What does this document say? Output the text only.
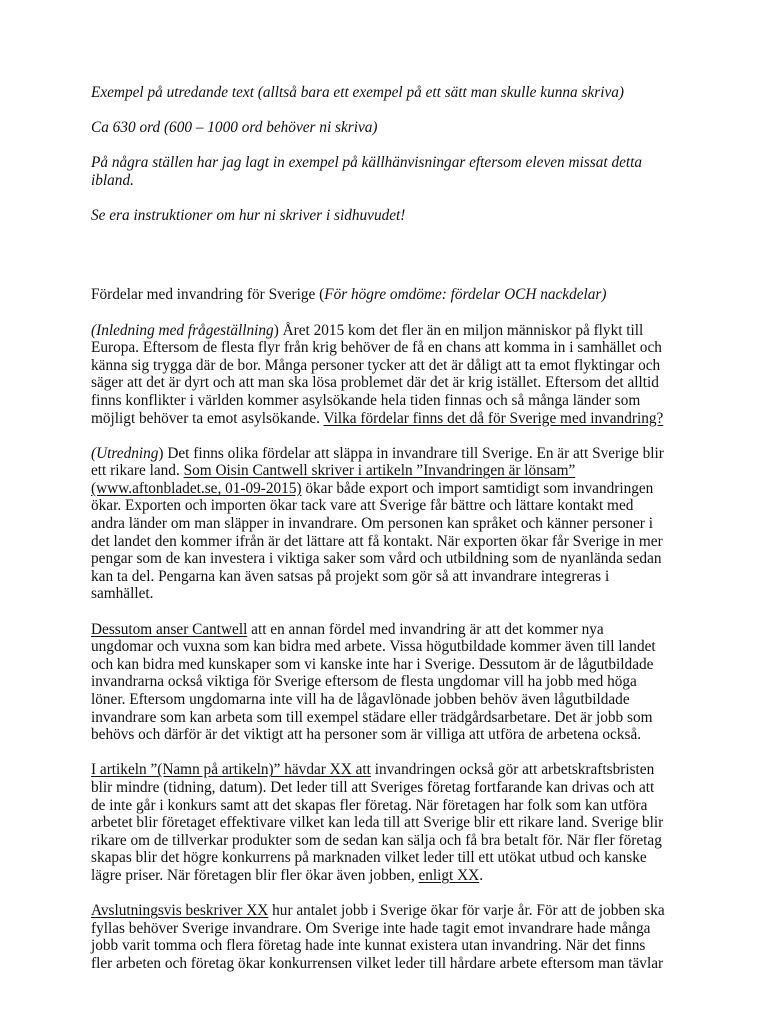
Exempel på utredande text (alltså bara ett exempel på ett sätt man skulle kunna skriva)

Ca 630 ord (600 – 1000 ord behöver ni skriva)

På några ställen har jag lagt in exempel på källhänvisningar eftersom eleven missat detta
ibland.

Se era instruktioner om hur ni skriver i sidhuvudet!

Fördelar med invandring för Sverige (För högre omdöme: fördelar OCH nackdelar)
(Inledning med frågeställning) Året 2015 kom det fler än en miljon människor på flykt till
Europa. Eftersom de flesta flyr från krig behöver de få en chans att komma in i samhället och
känna sig trygga där de bor. Många personer tycker att det är dåligt att ta emot flyktingar och
säger att det är dyrt och att man ska lösa problemet där det är krig istället. Eftersom det alltid
finns konflikter i världen kommer asylsökande hela tiden finnas och så många länder som
möjligt behöver ta emot asylsökande. Vilka fördelar finns det då för Sverige med invandring?
(Utredning) Det finns olika fördelar att släppa in invandrare till Sverige. En är att Sverige blir
ett rikare land. Som Oisin Cantwell skriver i artikeln ”Invandringen är lönsam”
(www.aftonbladet.se, 01-09-2015) ökar både export och import samtidigt som invandringen
ökar. Exporten och importen ökar tack vare att Sverige får bättre och lättare kontakt med
andra länder om man släpper in invandrare. Om personen kan språket och känner personer i
det landet den kommer ifrån är det lättare att få kontakt. När exporten ökar får Sverige in mer
pengar som de kan investera i viktiga saker som vård och utbildning som de nyanlända sedan
kan ta del. Pengarna kan även satsas på projekt som gör så att invandrare integreras i
samhället.
Dessutom anser Cantwell att en annan fördel med invandring är att det kommer nya
ungdomar och vuxna som kan bidra med arbete. Vissa högutbildade kommer även till landet
och kan bidra med kunskaper som vi kanske inte har i Sverige. Dessutom är de lågutbildade
invandrarna också viktiga för Sverige eftersom de flesta ungdomar vill ha jobb med höga
löner. Eftersom ungdomarna inte vill ha de lågavlönade jobben behöv även lågutbildade
invandrare som kan arbeta som till exempel städare eller trädgårdsarbetare. Det är jobb som
behövs och därför är det viktigt att ha personer som är villiga att utföra de arbetena också.
I artikeln ”(Namn på artikeln)” hävdar XX att invandringen också gör att arbetskraftsbristen
blir mindre (tidning, datum). Det leder till att Sveriges företag fortfarande kan drivas och att
de inte går i konkurs samt att det skapas fler företag. När företagen har folk som kan utföra
arbetet blir företaget effektivare vilket kan leda till att Sverige blir ett rikare land. Sverige blir
rikare om de tillverkar produkter som de sedan kan sälja och få bra betalt för. När fler företag
skapas blir det högre konkurrens på marknaden vilket leder till ett utökat utbud och kanske
lägre priser. När företagen blir fler ökar även jobben, enligt XX.
Avslutningsvis beskriver XX hur antalet jobb i Sverige ökar för varje år. För att de jobben ska
fyllas behöver Sverige invandrare. Om Sverige inte hade tagit emot invandrare hade många
jobb varit tomma och flera företag hade inte kunnat existera utan invandring. När det finns
fler arbeten och företag ökar konkurrensen vilket leder till hårdare arbete eftersom man tävlar
